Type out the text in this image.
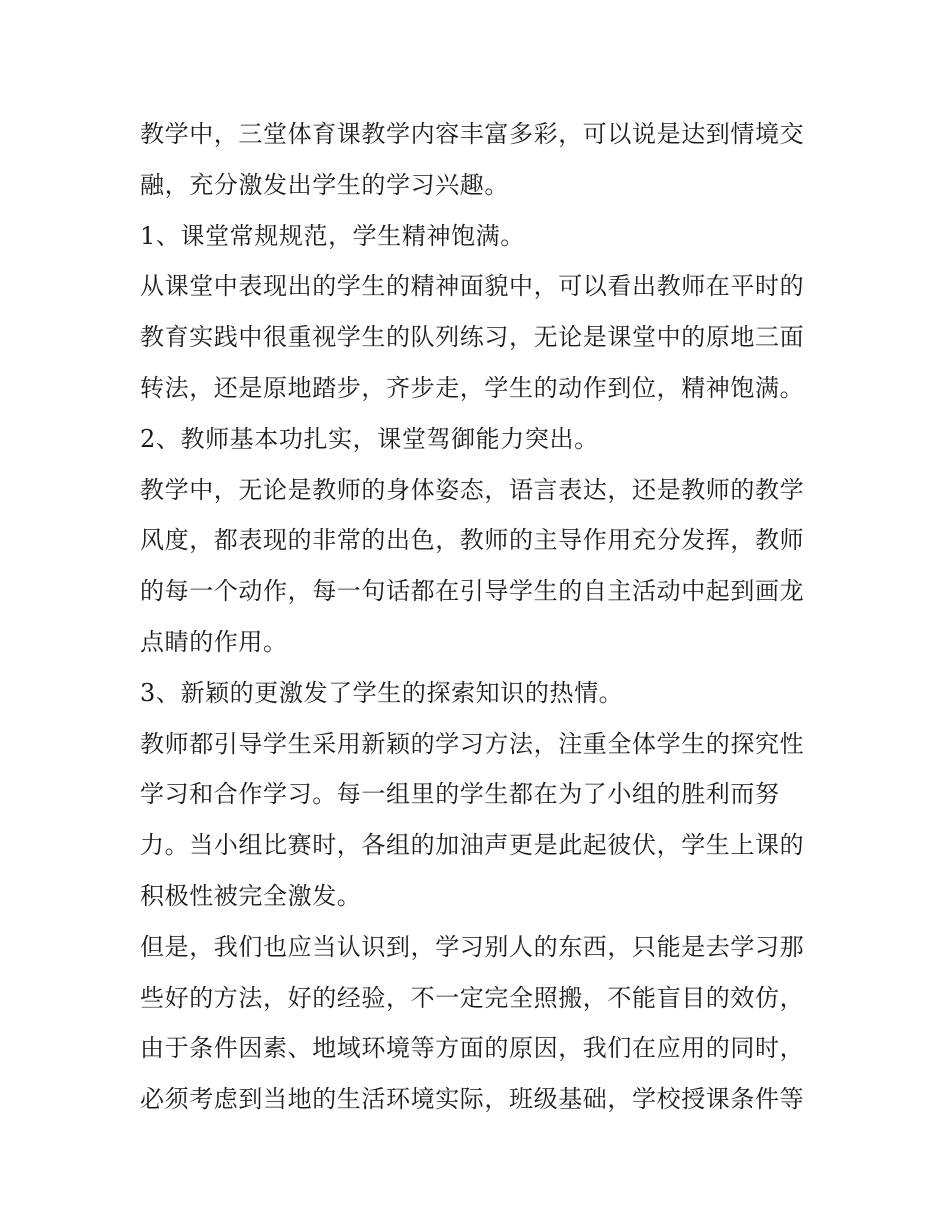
教学中，三堂体育课教学内容丰富多彩，可以说是达到情境交
融，充分激发出学生的学习兴趣。
1、课堂常规规范，学生精神饱满。
从课堂中表现出的学生的精神面貌中，可以看出教师在平时的
教育实践中很重视学生的队列练习，无论是课堂中的原地三面
转法，还是原地踏步，齐步走，学生的动作到位，精神饱满。
2、教师基本功扎实，课堂驾御能力突出。
教学中，无论是教师的身体姿态，语言表达，还是教师的教学
风度，都表现的非常的出色，教师的主导作用充分发挥，教师
的每一个动作，每一句话都在引导学生的自主活动中起到画龙
点睛的作用。
3、新颖的更激发了学生的探索知识的热情。
教师都引导学生采用新颖的学习方法，注重全体学生的探究性
学习和合作学习。每一组里的学生都在为了小组的胜利而努
力。当小组比赛时，各组的加油声更是此起彼伏，学生上课的
积极性被完全激发。
但是，我们也应当认识到，学习别人的东西，只能是去学习那
些好的方法，好的经验，不一定完全照搬，不能盲目的效仿，
由于条件因素、地域环境等方面的原因，我们在应用的同时，
必须考虑到当地的生活环境实际，班级基础，学校授课条件等
